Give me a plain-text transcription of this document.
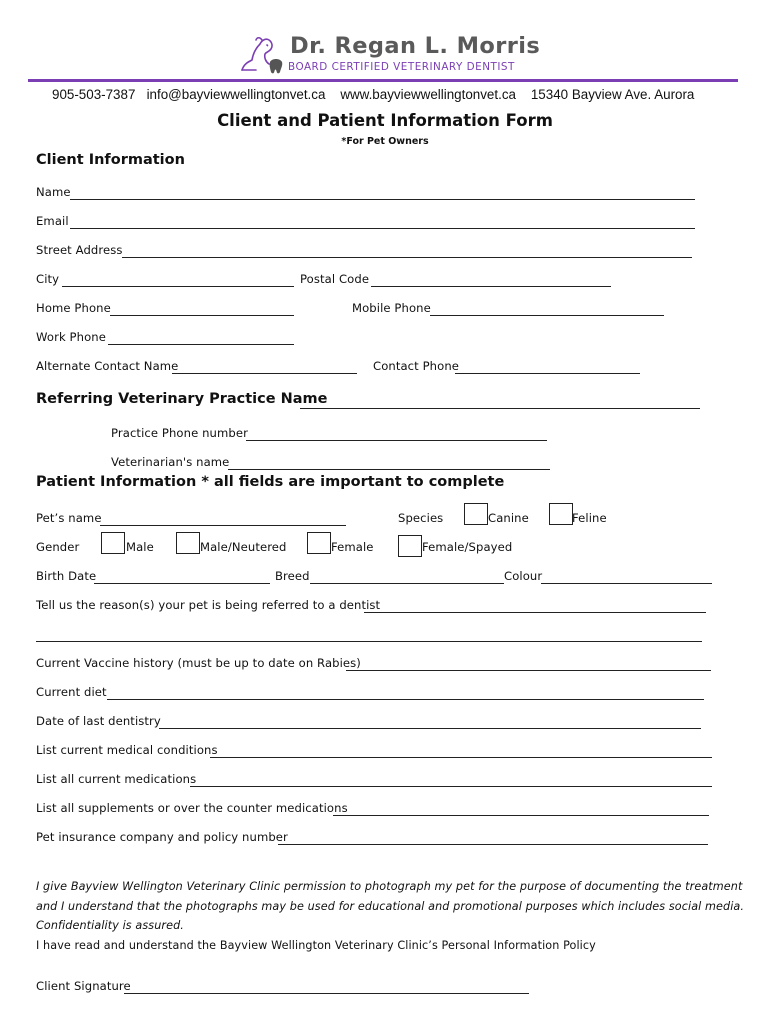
Dr. Regan L. Morris
BOARD CERTIFIED VETERINARY DENTIST
905-503-7387 info@bayviewwellingtonvet.ca www.bayviewwellingtonvet.ca 15340 Bayview Ave. Aurora
Client and Patient Information Form
*For Pet Owners
Client Information
Name
Email
Street Address
City	Postal Code
Home Phone	Mobile Phone
Work Phone
Alternate Contact Name	Contact Phone
Referring Veterinary Practice Name
Practice Phone number
Veterinarian's name
Patient Information * all fields are important to complete
Pet’s name	Species	Canine	Feline
Gender	Male	Male/Neutered	Female	Female/Spayed
Birth Date	Breed	Colour
Tell us the reason(s) your pet is being referred to a dentist
Current Vaccine history (must be up to date on Rabies)
Current diet
Date of last dentistry
List current medical conditions
List all current medications
List all supplements or over the counter medications
Pet insurance company and policy number
I give Bayview Wellington Veterinary Clinic permission to photograph my pet for the purpose of documenting the treatment
and I understand that the photographs may be used for educational and promotional purposes which includes social media.
Confidentiality is assured.
I have read and understand the Bayview Wellington Veterinary Clinic’s Personal Information Policy
Client Signature
